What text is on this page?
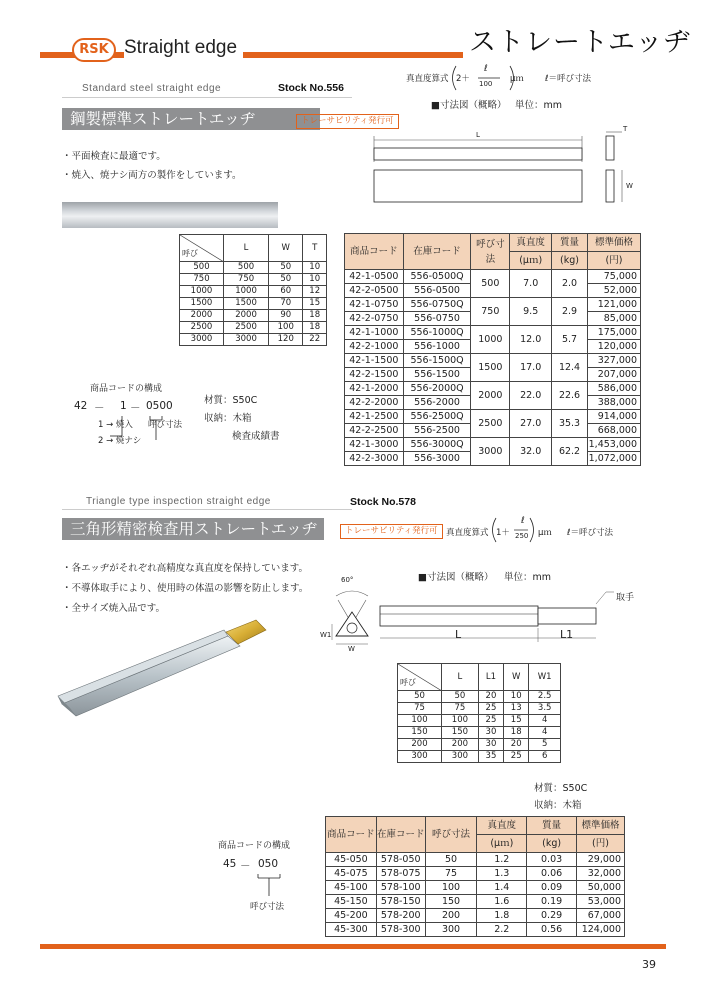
RSK Straight edge	ストレートエッヂ
Standard steel straight edge	Stock No.556
真直度算式 2＋
ℓ
100 μｍ ℓ＝呼び寸法
■寸法図（概略） 単位：mm
鋼製標準ストレートエッヂ	トレーサビリティ発行可
・平面検査に最適です。
・焼入、焼ナシ両方の製作をしています。
L
T
W
呼び	L	W	T
500	500	50	10
750	750	50	10
1000	1000	60	12
1500	1500	70	15
2000	2000	90	18
2500	2500	100	18
3000	3000	120	22
商品コードの構成
42 － 1 － 0500
1 → 焼入
2 → 焼ナシ
呼び寸法
材質：S50C
収納：木箱
検査成績書
商品コード	在庫コード	呼び寸法	真直度	質量	標準価格
			(μｍ)	(kg)	(円)
42-1-0500	556-0500Q	500	7.0	2.0	75,000
42-2-0500	556-0500				52,000
42-1-0750	556-0750Q	750	9.5	2.9	121,000
42-2-0750	556-0750				85,000
42-1-1000	556-1000Q	1000	12.0	5.7	175,000
42-2-1000	556-1000				120,000
42-1-1500	556-1500Q	1500	17.0	12.4	327,000
42-2-1500	556-1500				207,000
42-1-2000	556-2000Q	2000	22.0	22.6	586,000
42-2-2000	556-2000				388,000
42-1-2500	556-2500Q	2500	27.0	35.3	914,000
42-2-2500	556-2500				668,000
42-1-3000	556-3000Q	3000	32.0	62.2	1,453,000
42-2-3000	556-3000				1,072,000
Triangle type inspection straight edge	Stock No.578
三角形精密検査用ストレートエッヂ	トレーサビリティ発行可 真直度算式 1＋
ℓ
250 μｍ ℓ＝呼び寸法
・各エッヂがそれぞれ高精度な真直度を保持しています。
・不導体取手により、使用時の体温の影響を防止します。
・全サイズ焼入品です。
■寸法図（概略） 単位：mm
60°
W1
W
L	L1
取手
呼び	L	L1	W	W1
50	50	20	10	2.5
75	75	25	13	3.5
100	100	25	15	4
150	150	30	18	4
200	200	30	20	5
300	300	35	25	6
材質：S50C
収納：木箱
商品コードの構成
45 － 050
呼び寸法
商品コード	在庫コード	呼び寸法	真直度	質量	標準価格
			(μｍ)	(kg)	(円)
45-050	578-050	50	1.2	0.03	29,000
45-075	578-075	75	1.3	0.06	32,000
45-100	578-100	100	1.4	0.09	50,000
45-150	578-150	150	1.6	0.19	53,000
45-200	578-200	200	1.8	0.29	67,000
45-300	578-300	300	2.2	0.56	124,000
39
